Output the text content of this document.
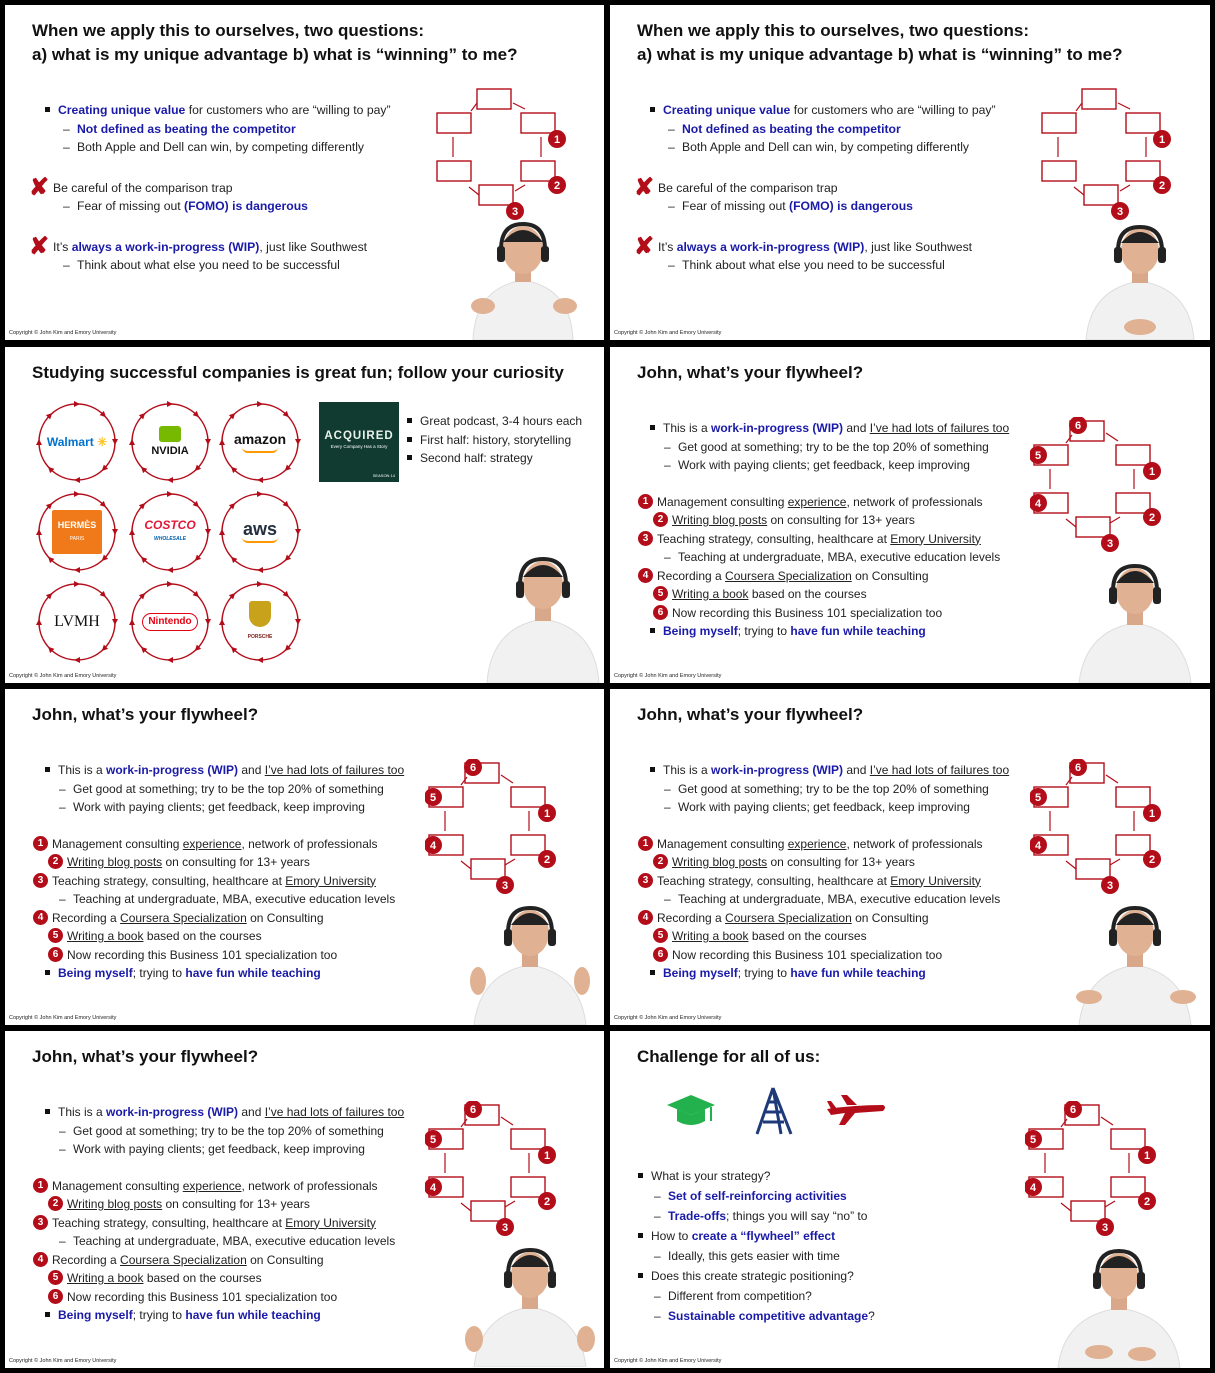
When we apply this to ourselves, two questions:
a) what is my unique advantage b) what is “winning” to me?
Creating unique value for customers who are “willing to pay”
– Not defined as beating the competitor
– Both Apple and Dell can win, by competing differently
✘ Be careful of the comparison trap
– Fear of missing out (FOMO) is dangerous
✘ It’s always a work-in-progress (WIP), just like Southwest
– Think about what else you need to be successful
1
2
3
Copyright © John Kim and Emory University
When we apply this to ourselves, two questions:
a) what is my unique advantage b) what is “winning” to me?
Creating unique value for customers who are “willing to pay”
– Not defined as beating the competitor
– Both Apple and Dell can win, by competing differently
✘ Be careful of the comparison trap
– Fear of missing out (FOMO) is dangerous
✘ It’s always a work-in-progress (WIP), just like Southwest
– Think about what else you need to be successful
1
2
3
Copyright © John Kim and Emory University
Studying successful companies is great fun; follow your curiosity
Walmart ✳
NVIDIA
amazon
HERMÈS
PARIS
COSTCO
WHOLESALE
aws
LVMH	Nintendo
PORSCHE
ACQUIRED
Every Company Has a Story
SEASON 14
Great podcast, 3-4 hours each
First half: history, storytelling
Second half: strategy
Copyright © John Kim and Emory University
John, what’s your flywheel?
This is a work-in-progress (WIP) and I’ve had lots of failures too
– Get good at something; try to be the top 20% of something
– Work with paying clients; get feedback, keep improving
1 Management consulting experience, network of professionals
2 Writing blog posts on consulting for 13+ years
3 Teaching strategy, consulting, healthcare at Emory University
– Teaching at undergraduate, MBA, executive education levels
4 Recording a Coursera Specialization on Consulting
5 Writing a book based on the courses
6 Now recording this Business 101 specialization too
Being myself; trying to have fun while teaching
1
2
3
4
5
6
Copyright © John Kim and Emory University
John, what’s your flywheel?
This is a work-in-progress (WIP) and I’ve had lots of failures too
– Get good at something; try to be the top 20% of something
– Work with paying clients; get feedback, keep improving
1 Management consulting experience, network of professionals
2 Writing blog posts on consulting for 13+ years
3 Teaching strategy, consulting, healthcare at Emory University
– Teaching at undergraduate, MBA, executive education levels
4 Recording a Coursera Specialization on Consulting
5 Writing a book based on the courses
6 Now recording this Business 101 specialization too
Being myself; trying to have fun while teaching
1
2
3
4
5
6
Copyright © John Kim and Emory University
John, what’s your flywheel?
This is a work-in-progress (WIP) and I’ve had lots of failures too
– Get good at something; try to be the top 20% of something
– Work with paying clients; get feedback, keep improving
1 Management consulting experience, network of professionals
2 Writing blog posts on consulting for 13+ years
3 Teaching strategy, consulting, healthcare at Emory University
– Teaching at undergraduate, MBA, executive education levels
4 Recording a Coursera Specialization on Consulting
5 Writing a book based on the courses
6 Now recording this Business 101 specialization too
Being myself; trying to have fun while teaching
1
2
3
4
5
6
Copyright © John Kim and Emory University
John, what’s your flywheel?
This is a work-in-progress (WIP) and I’ve had lots of failures too
– Get good at something; try to be the top 20% of something
– Work with paying clients; get feedback, keep improving
1 Management consulting experience, network of professionals
2 Writing blog posts on consulting for 13+ years
3 Teaching strategy, consulting, healthcare at Emory University
– Teaching at undergraduate, MBA, executive education levels
4 Recording a Coursera Specialization on Consulting
5 Writing a book based on the courses
6 Now recording this Business 101 specialization too
Being myself; trying to have fun while teaching
1
2
3
4
5
6
Copyright © John Kim and Emory University
Challenge for all of us:
What is your strategy?
– Set of self-reinforcing activities
– Trade-offs; things you will say “no” to
How to create a “flywheel” effect
– Ideally, this gets easier with time
Does this create strategic positioning?
– Different from competition?
– Sustainable competitive advantage?
1
2
3
4
5
6
Copyright © John Kim and Emory University
